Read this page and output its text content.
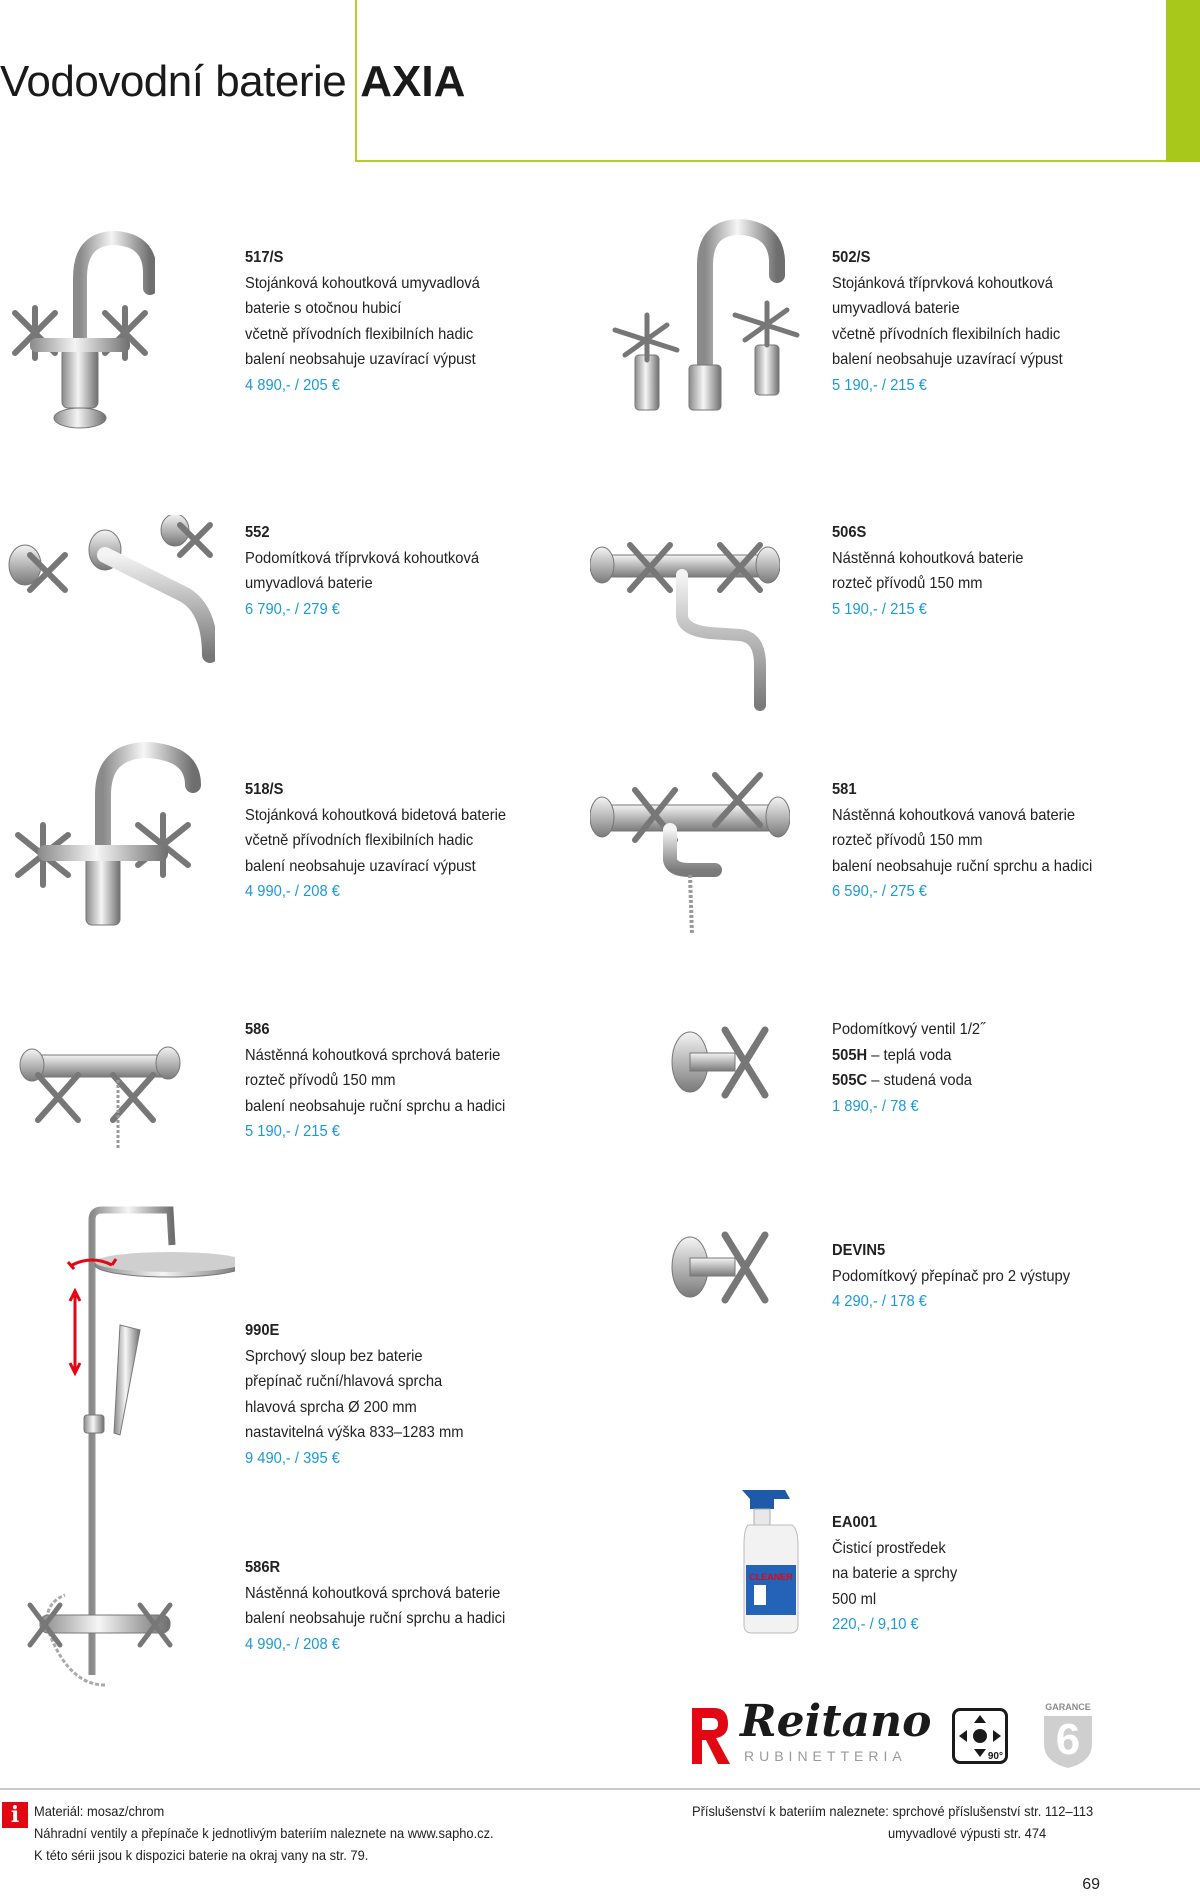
Vodovodní baterie AXIA
CLEANER
517/S
Stojánková kohoutková umyvadlová
baterie s otočnou hubicí
včetně přívodních flexibilních hadic
balení neobsahuje uzavírací výpust
4 890,- / 205 €
502/S
Stojánková tříprvková kohoutková
umyvadlová baterie
včetně přívodních flexibilních hadic
balení neobsahuje uzavírací výpust
5 190,- / 215 €
552
Podomítková tříprvková kohoutková
umyvadlová baterie
6 790,- / 279 €
506S
Nástěnná kohoutková baterie
rozteč přívodů 150 mm
5 190,- / 215 €
518/S
Stojánková kohoutková bidetová baterie
včetně přívodních flexibilních hadic
balení neobsahuje uzavírací výpust
4 990,- / 208 €
581
Nástěnná kohoutková vanová baterie
rozteč přívodů 150 mm
balení neobsahuje ruční sprchu a hadici
6 590,- / 275 €
586
Nástěnná kohoutková sprchová baterie
rozteč přívodů 150 mm
balení neobsahuje ruční sprchu a hadici
5 190,- / 215 €
Podomítkový ventil 1/2˝
505H – teplá voda
505C – studená voda
1 890,- / 78 €
DEVIN5
Podomítkový přepínač pro 2 výstupy
4 290,- / 178 €
990E
Sprchový sloup bez baterie
přepínač ruční/hlavová sprcha
hlavová sprcha Ø 200 mm
nastavitelná výška 833–1283 mm
9 490,- / 395 €
EA001
Čisticí prostředek
na baterie a sprchy
500 ml
220,- / 9,10 €
586R
Nástěnná kohoutková sprchová baterie
balení neobsahuje ruční sprchu a hadici
4 990,- / 208 €
Reitano
RUBINETTERIA	90°
GARANCE
6
i	Materiál: mosaz/chrom
Náhradní ventily a přepínače k jednotlivým bateriím naleznete na www.sapho.cz.
K této sérii jsou k dispozici baterie na okraj vany na str. 79.
Příslušenství k bateriím naleznete: sprchové příslušenství str. 112–113
umyvadlové výpusti str. 474
69
